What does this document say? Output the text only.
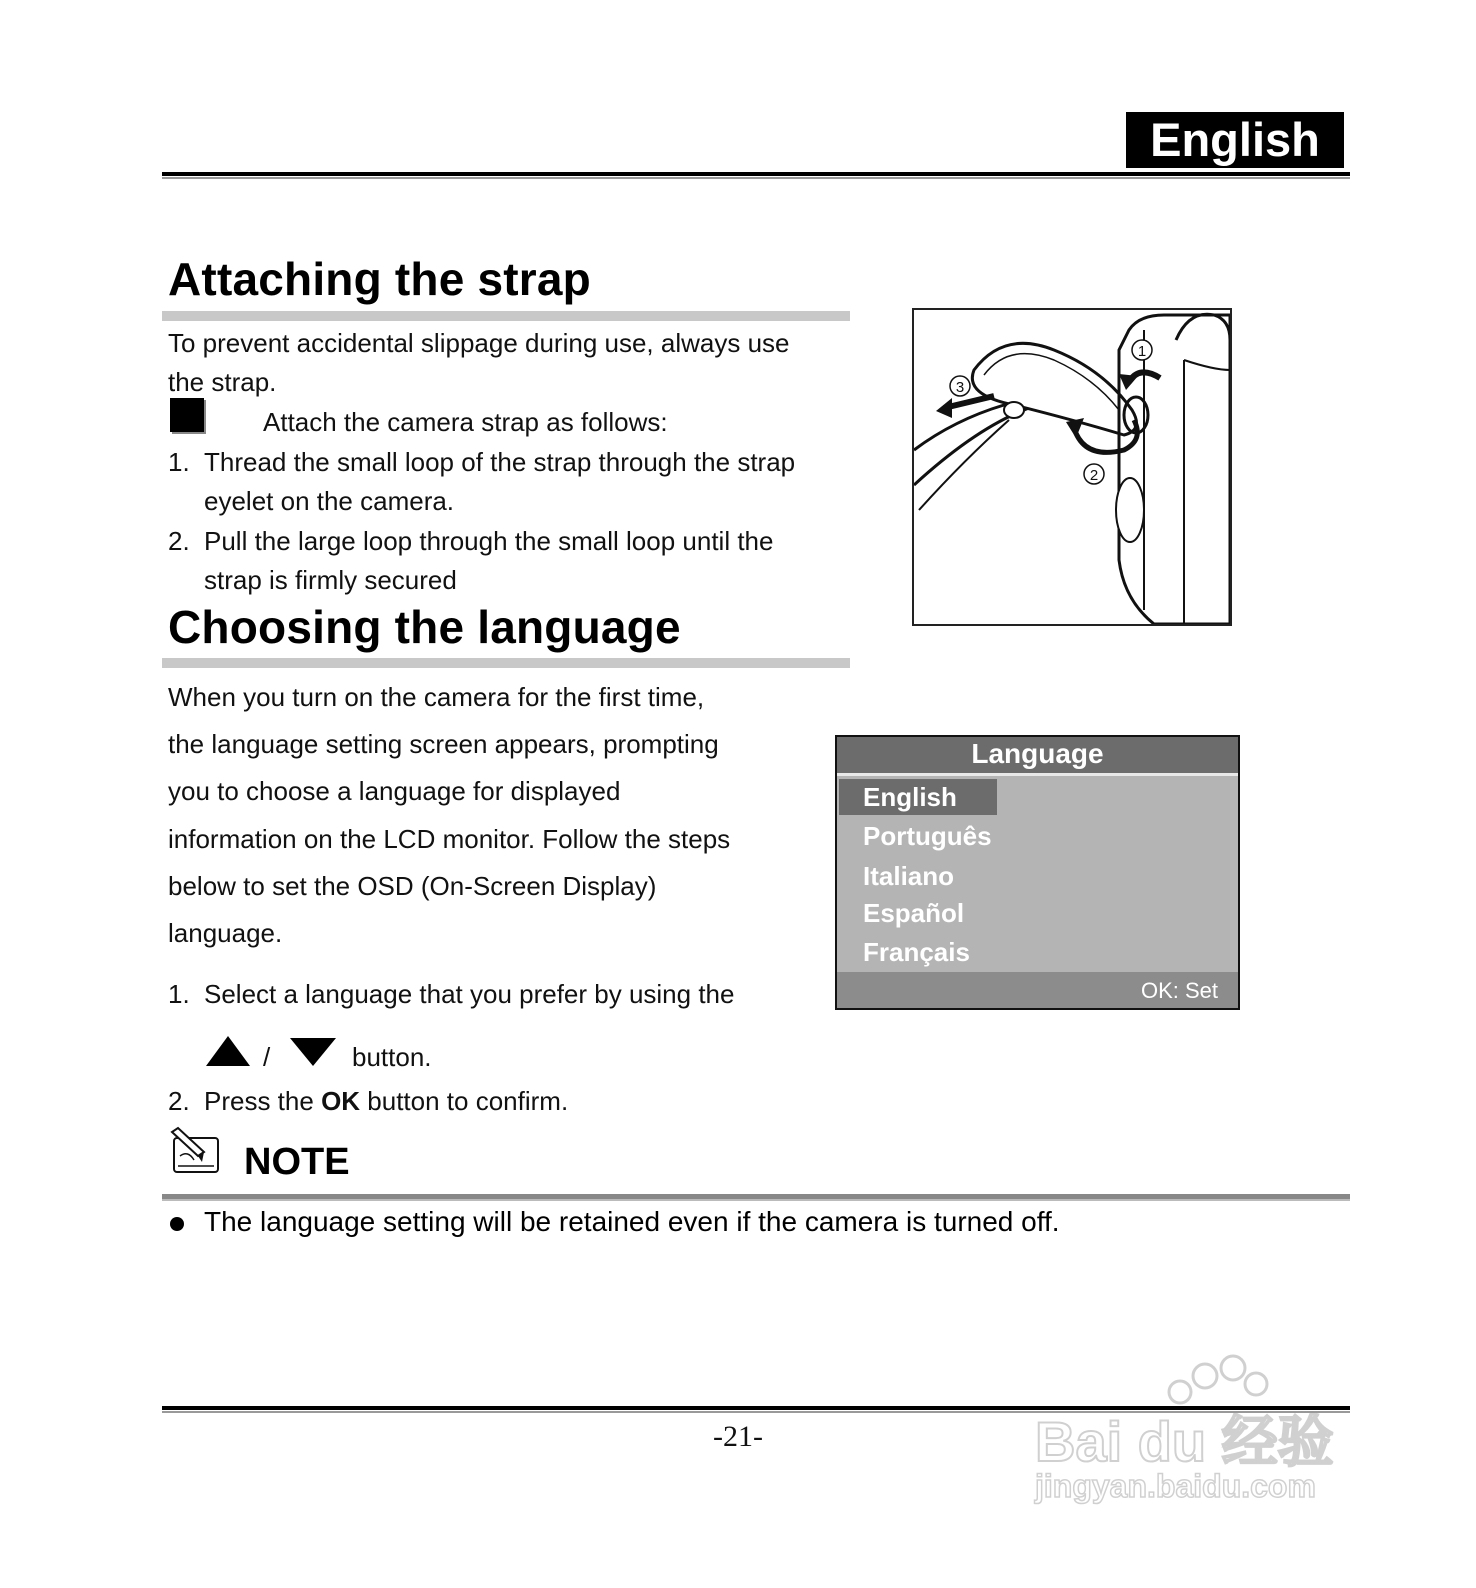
English
Attaching the strap
To prevent accidental slippage during use, always use
the strap.
Attach the camera strap as follows:
1. Thread the small loop of the strap through the strap
eyelet on the camera.
2. Pull the large loop through the small loop until the
strap is firmly secured
1
2
3
Choosing the language
When you turn on the camera for the first time,
the language setting screen appears, prompting
you to choose a language for displayed
information on the LCD monitor. Follow the steps
below to set the OSD (On-Screen Display)
language.
1. Select a language that you prefer by using the
/	button.
2. Press the OK button to confirm.
Language
English
Português
Italiano
Español
Français
OK: Set
NOTE
The language setting will be retained even if the camera is turned off.
-21-	Bai du 经验
jingyan.baidu.com
